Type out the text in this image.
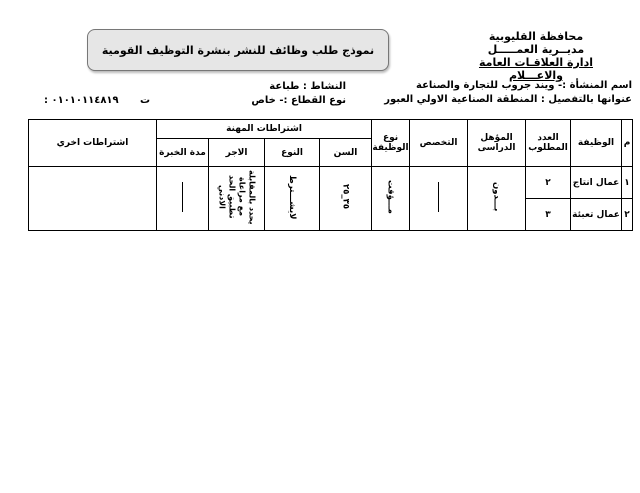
محافظة القليوبية
مديــرية العمـــــل
ادارة العلاقـات العامة والاعـــلام
نموذج طلب وظائف للنشر بنشرة التوظيف القومية
اسم المنشأة :- ويند جروب للتجارة والصناعة
عنوانها بالتفصيل : المنطقة الصناعية الاولي العبور
النشاط : طباعة
نوع القطاع :- خاص
ت
٠١٠١٠١١٤٨١٩ :
م	الوظيفة	العدد المطلوب	المؤهل الدراسى	التخصص	نوع الوظيفة	اشتراطات المهنة				اشتراطات اخري
						السن	النوع	الاجر	مدة الخبرة	
١	عمال انتاج	٢	بـــدون		مـــؤقت	٣٥_٢٥	لايشـــترط	يحدد بالمقابلة مع مراعاة تطبيق الحد الادني		
٢	عمال تعبئة	٣								
